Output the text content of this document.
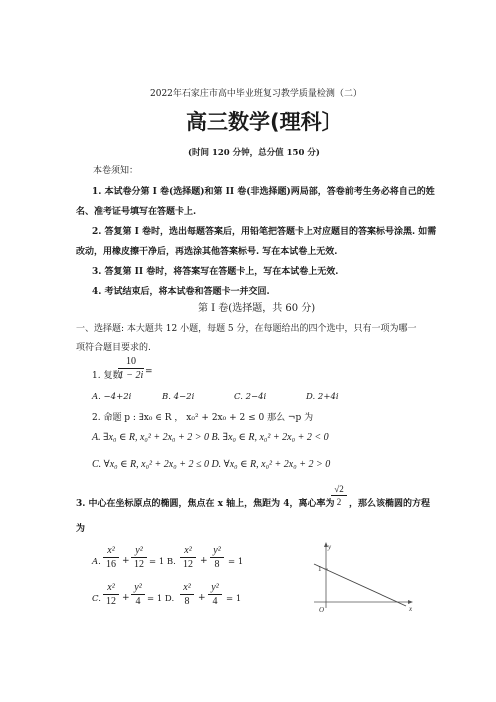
2022年石家庄市高中毕业班复习教学质量检测（二）
高三数学(理科〕
(时间 120 分钟，总分值 150 分)
本卷须知：
1. 本试卷分第 I 卷(选择题)和第 II 卷(非选择题)两局部，答卷前考生务必将自己的姓
名、准考证号填写在答题卡上.
2. 答复第 I 卷时，选出每题答案后，用铅笔把答题卡上对应题目的答案标号涂黑. 如需
改动，用橡皮擦干净后，再选涂其他答案标号. 写在本试卷上无效.
3. 答复第 II 卷时，将答案写在答题卡上，写在本试卷上无效.
4. 考试结束后，将本试卷和答题卡一并交回.
第 I 卷(选择题，共 60 分)
一、选择题: 本大题共 12 小题，每题 5 分，在每题给出的四个选中，只有一项为哪一
项符合题目要求的.
1. 复数
10
1 − 2i =
A. −4+2i	B. 4−2i	C. 2−4i	D. 2+4i
2. 命题 p : ∃x₀ ∈ R ， x₀² + 2x₀ + 2 ≤ 0 那么 ¬p 为
A. ∃x₀ ∈ R, x₀² + 2x₀ + 2 > 0 B. ∃x₀ ∈ R, x₀² + 2x₀ + 2 < 0
C. ∀x₀ ∈ R, x₀² + 2x₀ + 2 ≤ 0 D. ∀x₀ ∈ R, x₀² + 2x₀ + 2 > 0
3. 中心在坐标原点的椭圆，焦点在 x 轴上，焦距为 4，离心率为
√2
2 ，那么该椭圆的方程
为
A.
x²
16 +
y²
12 = 1 B.
x²
12 +
y²
8	= 1
C.
x²
12 +
y²
4 = 1 D.
x²
8 +
y²
4	= 1
y
x
O
1
